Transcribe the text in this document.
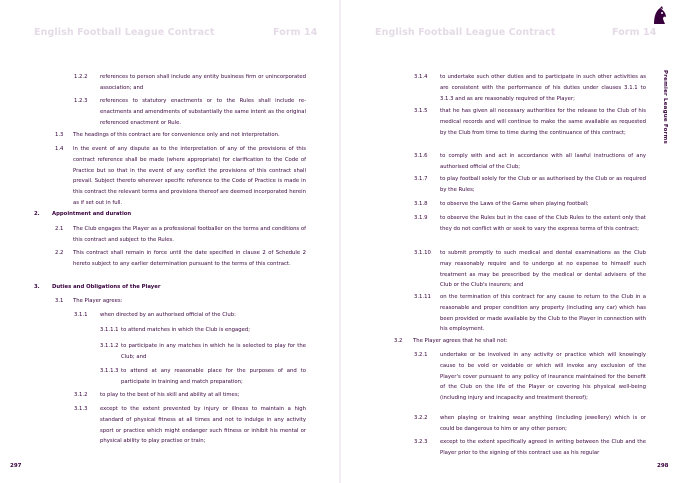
English Football League Contract	Form 14
1.2.2 references to person shall include any entity business firm or unincorporated association; and
1.2.3 references to statutory enactments or to the Rules shall include re-enactments and amendments of substantially the same intent as the original referenced enactment or Rule.
1.3 The headings of this contract are for convenience only and not interpretation.
1.4 In the event of any dispute as to the interpretation of any of the provisions of this contract reference shall be made (where appropriate) for clarification to the Code of Practice but so that in the event of any conflict the provisions of this contract shall prevail. Subject thereto wherever specific reference to the Code of Practice is made in this contract the relevant terms and provisions thereof are deemed incorporated herein as if set out in full.
2. Appointment and duration
2.1 The Club engages the Player as a professional footballer on the terms and conditions of this contract and subject to the Rules.
2.2 This contract shall remain in force until the date specified in clause 2 of Schedule 2 hereto subject to any earlier determination pursuant to the terms of this contract.
3. Duties and Obligations of the Player
3.1 The Player agrees:
3.1.1 when directed by an authorised official of the Club:
3.1.1.1 to attend matches in which the Club is engaged;
3.1.1.2 to participate in any matches in which he is selected to play for the Club; and
3.1.1.3 to attend at any reasonable place for the purposes of and to participate in training and match preparation;
3.1.2 to play to the best of his skill and ability at all times;
3.1.3 except to the extent prevented by injury or illness to maintain a high standard of physical fitness at all times and not to indulge in any activity sport or practice which might endanger such fitness or inhibit his mental or physical ability to play practise or train;
297
English Football League Contract	Form 14
3.1.4 to undertake such other duties and to participate in such other activities as are consistent with the performance of his duties under clauses 3.1.1 to 3.1.3 and as are reasonably required of the Player;
3.1.5 that he has given all necessary authorities for the release to the Club of his medical records and will continue to make the same available as requested by the Club from time to time during the continuance of this contract;
3.1.6 to comply with and act in accordance with all lawful instructions of any authorised official of the Club;
3.1.7 to play football solely for the Club or as authorised by the Club or as required by the Rules;
3.1.8 to observe the Laws of the Game when playing football;
3.1.9 to observe the Rules but in the case of the Club Rules to the extent only that they do not conflict with or seek to vary the express terms of this contract;
3.1.10 to submit promptly to such medical and dental examinations as the Club may reasonably require and to undergo at no expense to himself such treatment as may be prescribed by the medical or dental advisers of the Club or the Club's insurers; and
3.1.11 on the termination of this contract for any cause to return to the Club in a reasonable and proper condition any property (including any car) which has been provided or made available by the Club to the Player in connection with his employment.
3.2 The Player agrees that he shall not:
3.2.1 undertake or be involved in any activity or practice which will knowingly cause to be void or voidable or which will invoke any exclusion of the Player's cover pursuant to any policy of insurance maintained for the benefit of the Club on the life of the Player or covering his physical well-being (including injury and incapacity and treatment thereof);
3.2.2 when playing or training wear anything (including jewellery) which is or could be dangerous to him or any other person;
3.2.3 except to the extent specifically agreed in writing between the Club and the Player prior to the signing of this contract use as his regular
298
Premier League Forms
